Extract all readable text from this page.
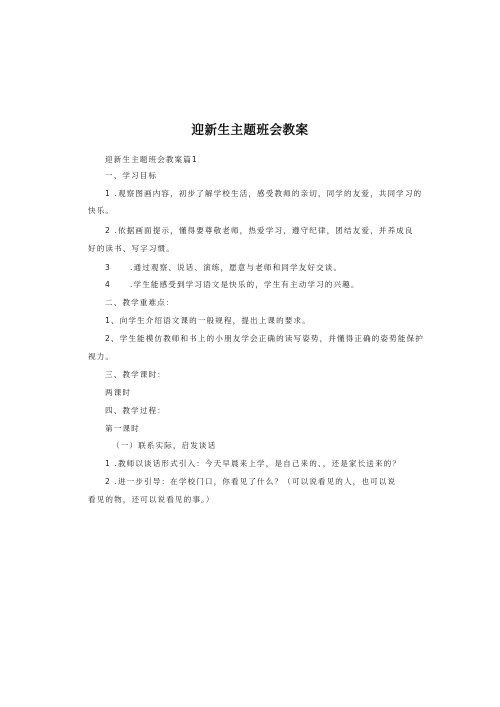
迎新生主题班会教案
迎新生主题班会教案篇1
一、学习目标
1 .观察图画内容，初步了解学校生活，感受教师的亲切，同学的友爱，共同学习的
快乐。
2 .依据画面提示，懂得要尊敬老师，热爱学习，遵守纪律，团结友爱，并养成良
好的读书、写字习惯。
3	.通过观察、说话、演练，愿意与老师和同学友好交谈。
4	.学生能感受到学习语文是快乐的，学生有主动学习的兴趣。
二、教学重难点：
1、向学生介绍语文课的一般规程，提出上课的要求。
2、学生能模仿教师和书上的小朋友学会正确的读写姿势，并懂得正确的姿势能保护
视力。
三、教学课时：
两课时
四、教学过程：
第一课时
（一）联系实际，启发谈话
1 .教师以谈话形式引入：今天早晨来上学，是自己来的、，还是家长送来的？
2 .进一步引导：在学校门口，你看见了什么？（可以说看见的人，也可以说
看见的物，还可以说看见的事。）
